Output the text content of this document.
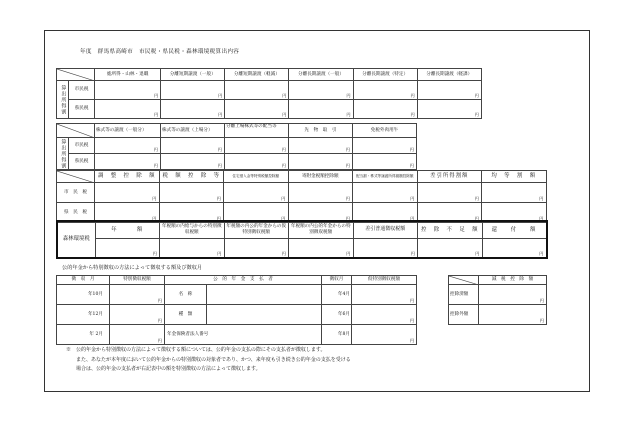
年度　群馬県高崎市　市民税・県民税・森林環境税算出内容
	総所得・山林・退職	分離短期譲渡（一般）	分離短期譲渡（軽減）	分離長期譲渡（一般）	分離長期譲渡（特定）	分離長期譲渡（軽課）	
算出所得割	市民税	円	円	円	円	円	円	
	県民税	円	円	円	円	円	円	
	株式等の譲渡（一般分）	株式等の譲渡（上場分）	分離上場株式等の配当等	先　物　取　引	免税外肉用牛	
算出所得割	市民税	円	円	円	円	円	
	県民税	円	円	円	円	円	
	調　整　控　除　額	税　額　控　除　等	住宅借入金等特別税額控除額	寄附金税額控除額	配当割・株式等譲渡所得割額控除額	差引所得割額	均　等　割　額
市　民　税	円	円	円	円	円	円	円
県　民　税	円	円	円	円	円	円	円
森林環境税	年　　　額	年税額の内給与からの特別徴収税額	年税額の内公的年金からの仮特別徴収税額	年税額の内公的年金からの特別徴収税額	差引普通徴収税額	控　除　不　足　額	還　　付　　額
	円	円	円	円	円	円	円
公的年金から特別徴収の方法によって徴収する額及び徴収月
徴　収　月	特別徴収税額	公　的　年　金　支　払　者		徴収月	仮特別徴収税額
年10月	円	名　称		年4月	円
年12月	円	種　類		年6月	円
年 2月	円	年金保険者法人番号		年8月	円
	減　税　控　除　額
控除済額	円
控除外額	円
※　公的年金から特別徴収の方法によって徴収する額については、公的年金の支払の際にその支払者が徴収します。
　　また、あなたが本年度において公的年金からの特別徴収の対象者であり、かつ、来年度も引き続き公的年金の支払を受ける
　　場合は、公的年金の支払者が右記表中の額を特別徴収の方法によって徴収します。
